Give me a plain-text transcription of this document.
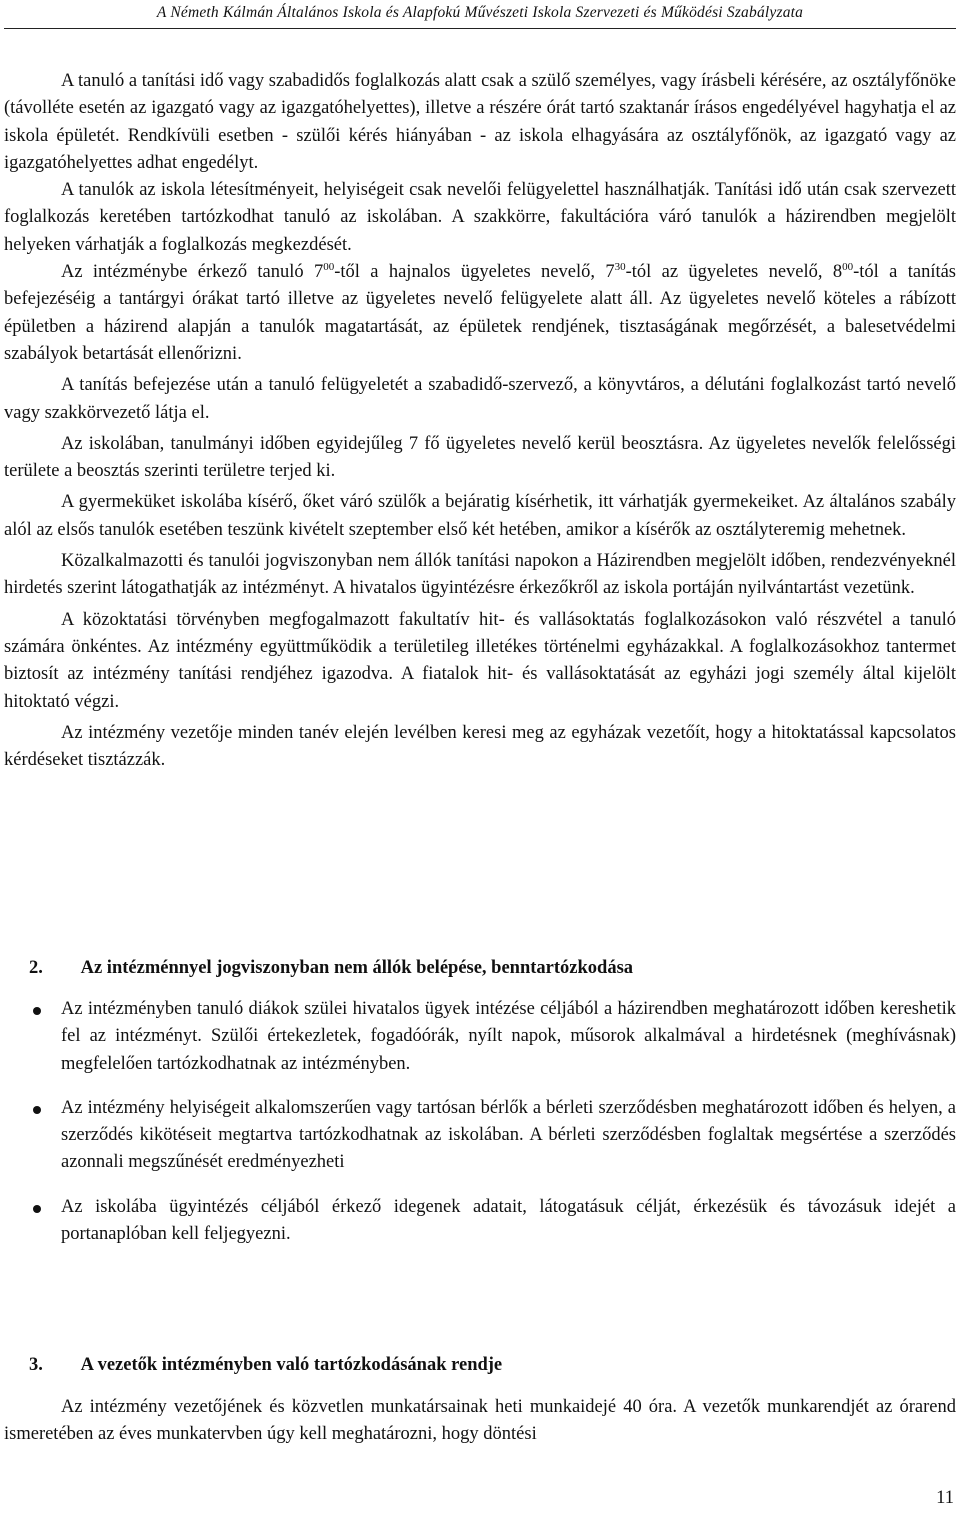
A Németh Kálmán Általános Iskola és Alapfokú Művészeti Iskola Szervezeti és Működési Szabályzata

A tanuló a tanítási idő vagy szabadidős foglalkozás alatt csak a szülő személyes, vagy írásbeli kérésére, az osztályfőnöke (távolléte esetén az igazgató vagy az igazgatóhelyettes), illetve a részére órát tartó szaktanár írásos engedélyével hagyhatja el az iskola épületét. Rendkívüli esetben - szülői kérés hiányában - az iskola elhagyására az osztályfőnök, az igazgató vagy az igazgatóhelyettes adhat engedélyt.

A tanulók az iskola létesítményeit, helyiségeit csak nevelői felügyelettel használhatják. Tanítási idő után csak szervezett foglalkozás keretében tartózkodhat tanuló az iskolában. A szakkörre, fakultációra váró tanulók a házirendben megjelölt helyeken várhatják a foglalkozás megkezdését.

Az intézménybe érkező tanuló $7^{00}$-től a hajnalos ügyeletes nevelő, $7^{30}$-tól az ügyeletes nevelő, $8^{00}$-tól a tanítás befejezéséig a tantárgyi órákat tartó illetve az ügyeletes nevelő felügyelete alatt áll. Az ügyeletes nevelő köteles a rábízott épületben a házirend alapján a tanulók magatartását, az épületek rendjének, tisztaságának megőrzését, a balesetvédelmi szabályok betartását ellenőrizni.

A tanítás befejezése után a tanuló felügyeletét a szabadidő-szervező, a könyvtáros, a délutáni foglalkozást tartó nevelő vagy szakkörvezető látja el.

Az iskolában, tanulmányi időben egyidejűleg 7 fő ügyeletes nevelő kerül beosztásra. Az ügyeletes nevelők felelősségi területe a beosztás szerinti területre terjed ki.

A gyermeküket iskolába kísérő, őket váró szülők a bejáratig kísérhetik, itt várhatják gyermekeiket. Az általános szabály alól az elsős tanulók esetében teszünk kivételt szeptember első két hetében, amikor a kísérők az osztályteremig mehetnek.

Közalkalmazotti és tanulói jogviszonyban nem állók tanítási napokon a Házirendben megjelölt időben, rendezvényeknél hirdetés szerint látogathatják az intézményt. A hivatalos ügyintézésre érkezőkről az iskola portáján nyilvántartást vezetünk.

A közoktatási törvényben megfogalmazott fakultatív hit- és vallásoktatás foglalkozásokon való részvétel a tanuló számára önkéntes. Az intézmény együttműködik a területileg illetékes történelmi egyházakkal. A foglalkozásokhoz tantermet biztosít az intézmény tanítási rendjéhez igazodva. A fiatalok hit- és vallásoktatását az egyházi jogi személy által kijelölt hitoktató végzi.

Az intézmény vezetője minden tanév elején levélben keresi meg az egyházak vezetőít, hogy a hitoktatással kapcsolatos kérdéseket tisztázzák.

2. Az intézménnyel jogviszonyban nem állók belépése, benntartózkodása
Az intézményben tanuló diákok szülei hivatalos ügyek intézése céljából a házirendben meghatározott időben kereshetik fel az intézményt. Szülői értekezletek, fogadóórák, nyílt napok, műsorok alkalmával a hirdetésnek (meghívásnak) megfelelően tartózkodhatnak az intézményben.
Az intézmény helyiségeit alkalomszerűen vagy tartósan bérlők a bérleti szerződésben meghatározott időben és helyen, a szerződés kikötéseit megtartva tartózkodhatnak az iskolában. A bérleti szerződésben foglaltak megsértése a szerződés azonnali megszűnését eredményezheti
Az iskolába ügyintézés céljából érkező idegenek adatait, látogatásuk célját, érkezésük és távozásuk idejét a portanaplóban kell feljegyezni.
3. A vezetők intézményben való tartózkodásának rendje

Az intézmény vezetőjének és közvetlen munkatársainak heti munkaidejé 40 óra. A vezetők munkarendjét az órarend ismeretében az éves munkatervben úgy kell meghatározni, hogy döntési

11
